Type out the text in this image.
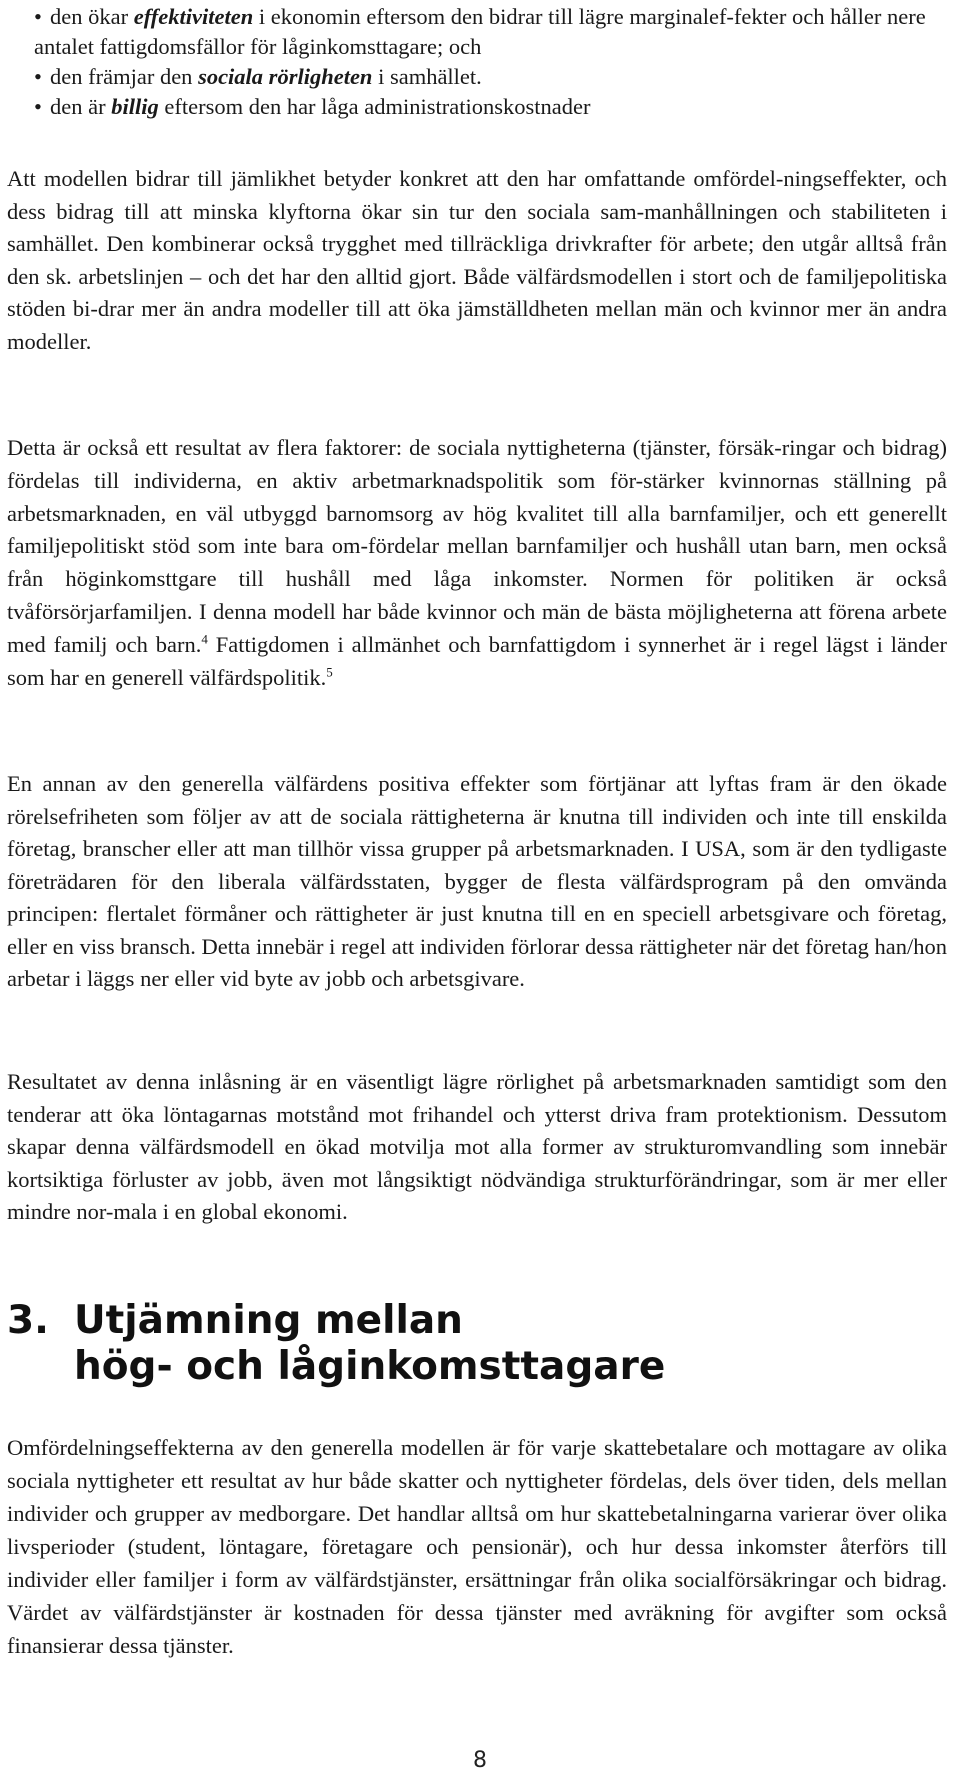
• den ökar effektiviteten i ekonomin eftersom den bidrar till lägre marginalef-fekter och håller nere antalet fattigdomsfällor för låginkomsttagare; och
• den främjar den sociala rörligheten i samhället.
• den är billig eftersom den har låga administrationskostnader

Att modellen bidrar till jämlikhet betyder konkret att den har omfattande omfördel-ningseffekter, och dess bidrag till att minska klyftorna ökar sin tur den sociala sam-manhållningen och stabiliteten i samhället. Den kombinerar också trygghet med tillräckliga drivkrafter för arbete; den utgår alltså från den sk. arbetslinjen – och det har den alltid gjort. Både välfärdsmodellen i stort och de familjepolitiska stöden bi-drar mer än andra modeller till att öka jämställdheten mellan män och kvinnor mer än andra modeller.

Detta är också ett resultat av flera faktorer: de sociala nyttigheterna (tjänster, försäk-ringar och bidrag) fördelas till individerna, en aktiv arbetmarknadspolitik som för-stärker kvinnornas ställning på arbetsmarknaden, en väl utbyggd barnomsorg av hög kvalitet till alla barnfamiljer, och ett generellt familjepolitiskt stöd som inte bara om-fördelar mellan barnfamiljer och hushåll utan barn, men också från höginkomsttgare till hushåll med låga inkomster. Normen för politiken är också tvåförsörjarfamiljen. I denna modell har både kvinnor och män de bästa möjligheterna att förena arbete med familj och barn.$^4$ Fattigdomen i allmänhet och barnfattigdom i synnerhet är i regel lägst i länder som har en generell välfärdspolitik.$^5$

En annan av den generella välfärdens positiva effekter som förtjänar att lyftas fram är den ökade rörelsefriheten som följer av att de sociala rättigheterna är knutna till individen och inte till enskilda företag, branscher eller att man tillhör vissa grupper på arbetsmarknaden. I USA, som är den tydligaste företrädaren för den liberala välfärdsstaten, bygger de flesta välfärdsprogram på den omvända principen: flertalet förmåner och rättigheter är just knutna till en en speciell arbetsgivare och företag, eller en viss bransch. Detta innebär i regel att individen förlorar dessa rättigheter när det företag han/hon arbetar i läggs ner eller vid byte av jobb och arbetsgivare.

Resultatet av denna inlåsning är en väsentligt lägre rörlighet på arbetsmarknaden samtidigt som den tenderar att öka löntagarnas motstånd mot frihandel och ytterst driva fram protektionism. Dessutom skapar denna välfärdsmodell en ökad motvilja mot alla former av strukturomvandling som innebär kortsiktiga förluster av jobb, även mot långsiktigt nödvändiga strukturförändringar, som är mer eller mindre nor-mala i en global ekonomi.

3. Utjämning mellan
hög- och låginkomsttagare

Omfördelningseffekterna av den generella modellen är för varje skattebetalare och mottagare av olika sociala nyttigheter ett resultat av hur både skatter och nyttigheter fördelas, dels över tiden, dels mellan individer och grupper av medborgare. Det handlar alltså om hur skattebetalningarna varierar över olika livsperioder (student, löntagare, företagare och pensionär), och hur dessa inkomster återförs till individer eller familjer i form av välfärdstjänster, ersättningar från olika socialförsäkringar och bidrag. Värdet av välfärdstjänster är kostnaden för dessa tjänster med avräkning för avgifter som också finansierar dessa tjänster.

8
